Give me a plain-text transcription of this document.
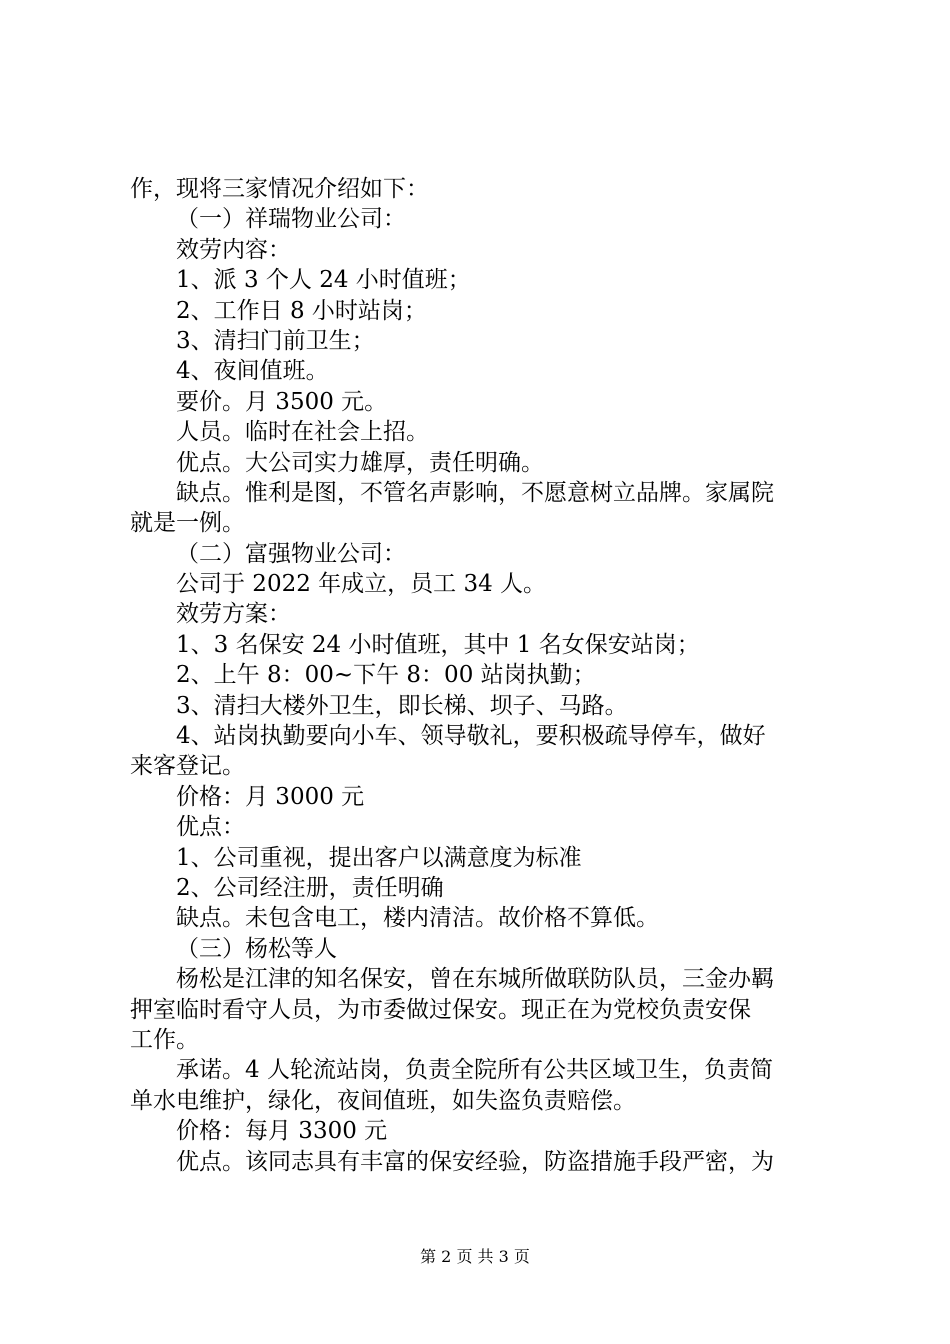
作，现将三家情况介绍如下：
（一）祥瑞物业公司：
效劳内容：
1、派 3 个人 24 小时值班；
2、工作日 8 小时站岗；
3、清扫门前卫生；
4、夜间值班。
要价。月 3500 元。
人员。临时在社会上招。
优点。大公司实力雄厚，责任明确。
缺点。惟利是图，不管名声影响，不愿意树立品牌。家属院
就是一例。
（二）富强物业公司：
公司于 2022 年成立，员工 34 人。
效劳方案：
1、3 名保安 24 小时值班，其中 1 名女保安站岗；
2、上午 8：00~下午 8：00 站岗执勤；
3、清扫大楼外卫生，即长梯、坝子、马路。
4、站岗执勤要向小车、领导敬礼，要积极疏导停车，做好
来客登记。
价格：月 3000 元
优点：
1、公司重视，提出客户以满意度为标准
2、公司经注册，责任明确
缺点。未包含电工，楼内清洁。故价格不算低。
（三）杨松等人
杨松是江津的知名保安，曾在东城所做联防队员，三金办羁
押室临时看守人员，为市委做过保安。现正在为党校负责安保
工作。
承诺。4 人轮流站岗，负责全院所有公共区域卫生，负责简
单水电维护，绿化，夜间值班，如失盗负责赔偿。
价格：每月 3300 元
优点。该同志具有丰富的保安经验，防盗措施手段严密，为
第 2 页 共 3 页
